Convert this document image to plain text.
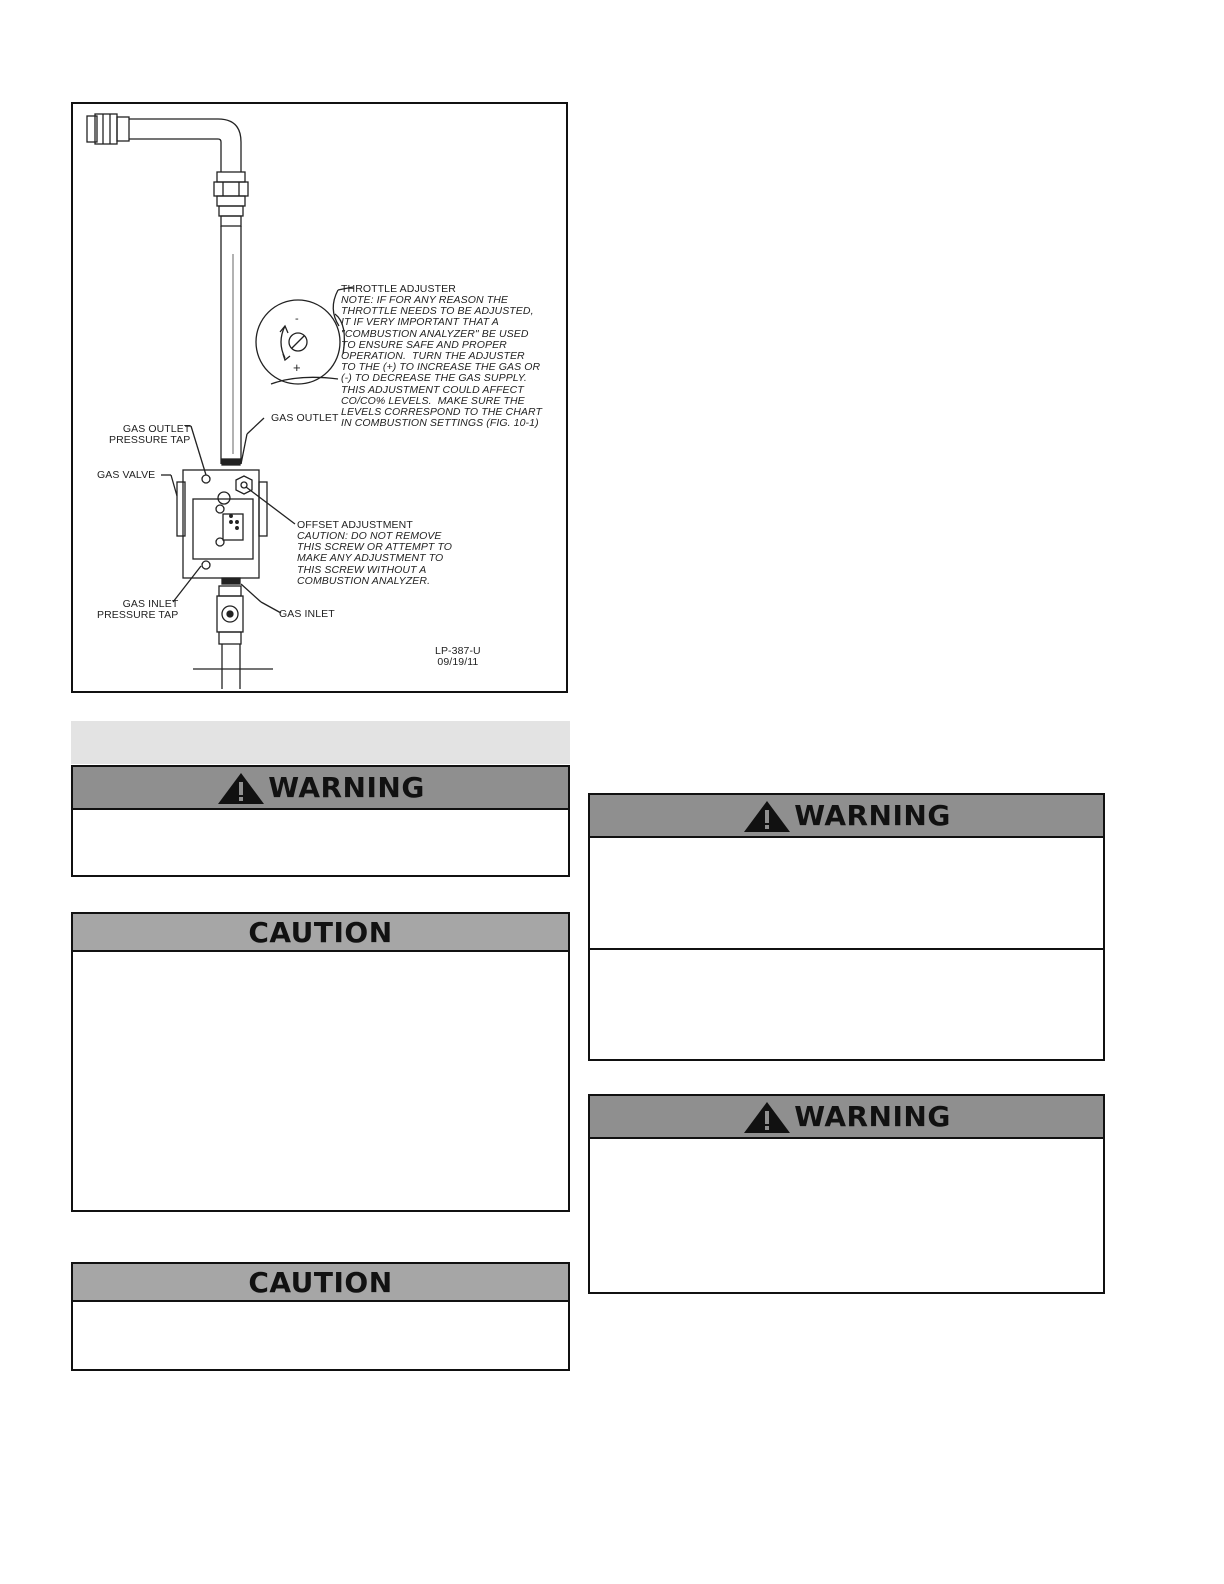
THROTTLE ADJUSTER
NOTE: IF FOR ANY REASON THE
THROTTLE NEEDS TO BE ADJUSTED,
IT IF VERY IMPORTANT THAT A
"COMBUSTION ANALYZER" BE USED
TO ENSURE SAFE AND PROPER
OPERATION.  TURN THE ADJUSTER
TO THE (+) TO INCREASE THE GAS OR
(-) TO DECREASE THE GAS SUPPLY.
THIS ADJUSTMENT COULD AFFECT
CO/CO% LEVELS.  MAKE SURE THE
LEVELS CORRESPOND TO THE CHART
IN COMBUSTION SETTINGS (FIG. 10-1)
GAS OUTLET
PRESSURE TAP
GAS OUTLET
GAS VALVE
OFFSET ADJUSTMENT
CAUTION: DO NOT REMOVE
THIS SCREW OR ATTEMPT TO
MAKE ANY ADJUSTMENT TO
THIS SCREW WITHOUT A
COMBUSTION ANALYZER.
GAS INLET
PRESSURE TAP	GAS INLET
LP-387-U
09/19/11
-
+
WARNING
CAUTION
CAUTION
WARNING
WARNING
